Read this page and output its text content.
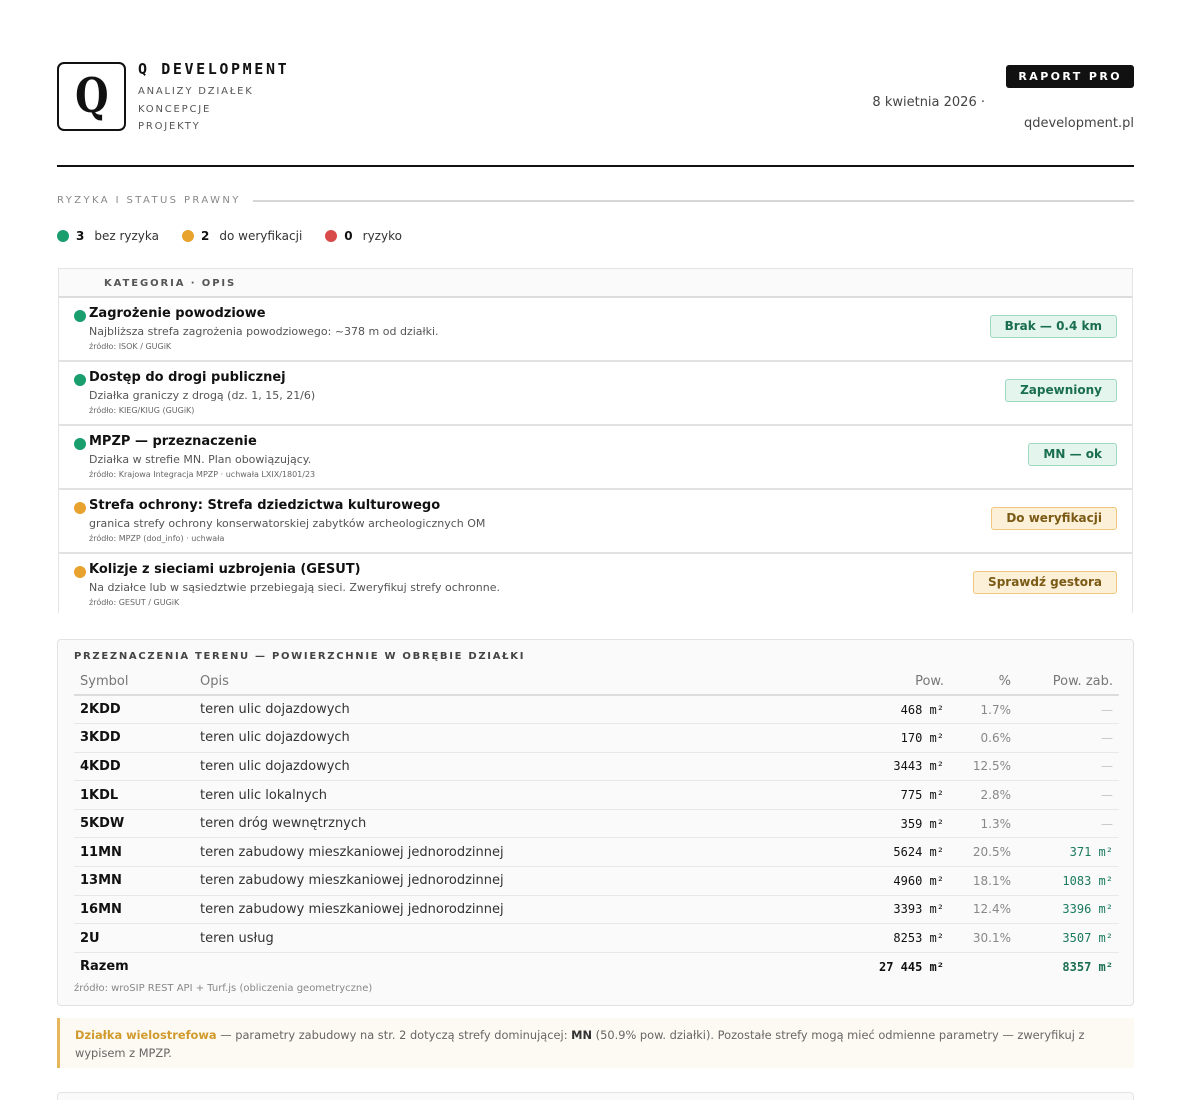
Q Q DEVELOPMENT
ANALIZY DZIAŁEK
KONCEPCJE
PROJEKTY
RAPORT PRO
8 kwietnia 2026 ·
qdevelopment.pl
RYZYKA I STATUS PRAWNY
3 bez ryzyka	2 do weryfikacji	0 ryzyko
KATEGORIA · OPIS
Zagrożenie powodziowe
Najbliższa strefa zagrożenia powodziowego: ~378 m od działki.
źródło: ISOK / GUGiK
Brak — 0.4 km
Dostęp do drogi publicznej
Działka graniczy z drogą (dz. 1, 15, 21/6)
źródło: KIEG/KIUG (GUGiK)
Zapewniony
MPZP — przeznaczenie
Działka w strefie MN. Plan obowiązujący.
źródło: Krajowa Integracja MPZP · uchwała LXIX/1801/23
MN — ok
Strefa ochrony: Strefa dziedzictwa kulturowego
granica strefy ochrony konserwatorskiej zabytków archeologicznych OM
źródło: MPZP (dod_info) · uchwała
Do weryfikacji
Kolizje z sieciami uzbrojenia (GESUT)
Na działce lub w sąsiedztwie przebiegają sieci. Zweryfikuj strefy ochronne.
źródło: GESUT / GUGiK
Sprawdź gestora
PRZEZNACZENIA TERENU — POWIERZCHNIE W OBRĘBIE DZIAŁKI
Symbol	Opis	Pow.	%	Pow. zab.
2KDD	teren ulic dojazdowych	468 m²	1.7%	—
3KDD	teren ulic dojazdowych	170 m²	0.6%	—
4KDD	teren ulic dojazdowych	3443 m²	12.5%	—
1KDL	teren ulic lokalnych	775 m²	2.8%	—
5KDW	teren dróg wewnętrznych	359 m²	1.3%	—
11MN	teren zabudowy mieszkaniowej jednorodzinnej	5624 m²	20.5%	371 m²
13MN	teren zabudowy mieszkaniowej jednorodzinnej	4960 m²	18.1%	1083 m²
16MN	teren zabudowy mieszkaniowej jednorodzinnej	3393 m²	12.4%	3396 m²
2U	teren usług	8253 m²	30.1%	3507 m²
Razem		27 445 m²		8357 m²
źródło: wroSIP REST API + Turf.js (obliczenia geometryczne)
Działka wielostrefowa — parametry zabudowy na str. 2 dotyczą strefy dominującej: MN (50.9% pow. działki). Pozostałe strefy mogą mieć odmienne parametry — zweryfikuj z wypisem z MPZP.
